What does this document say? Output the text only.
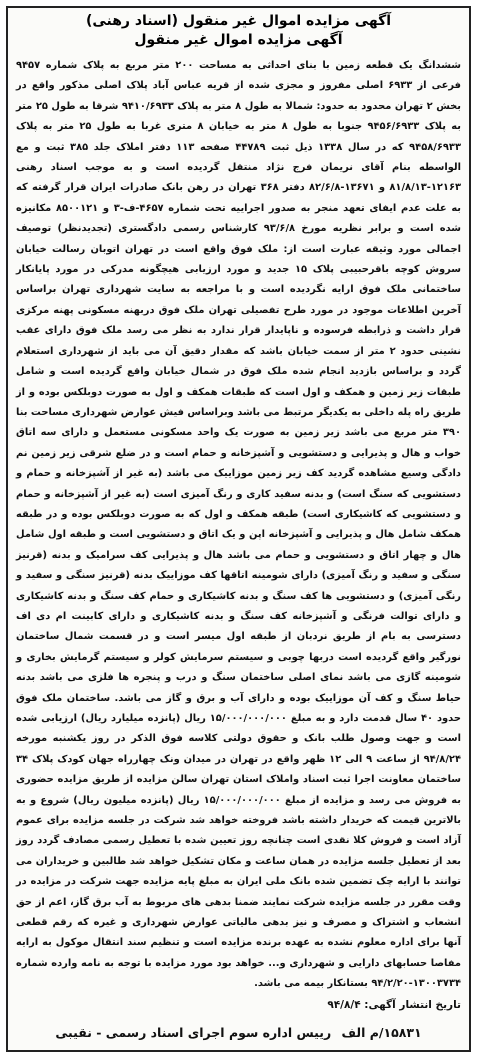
آگهی مزایده اموال غیر منقول (اسناد رهنی)
آگهی مزایده اموال غیر منقول

ششدانگ یک قطعه زمین با بنای احداثی به مساحت ۲۰۰ متر مربع به پلاک شماره ۹۴۵۷ فرعی از ۶۹۳۳ اصلی مفروز و مجزی شده از قریه عباس آباد پلاک اصلی مذکور واقع در بخش ۲ تهران محدود به حدود: شمالا به طول ۸ متر به پلاک ۹۴۱۰/۶۹۳۳ شرقا به طول ۲۵ متر به پلاک ۹۴۵۶/۶۹۳۳ جنوبا به طول ۸ متر به خیابان ۸ متری غربا به طول ۲۵ متر به پلاک ۹۴۵۸/۶۹۳۳ که در سال ۱۳۳۸ ذیل ثبت ۴۴۷۸۹ صفحه ۱۱۳ دفتر املاک جلد ۳۸۵ ثبت و مع الواسطه بنام آقای نریمان فرج نژاد منتقل گردیده است و به موجب اسناد رهنی ۱۲۱۶۳-۸۱/۸/۱۳ و ۱۳۶۷۱-۸۲/۶/۸ دفتر ۳۶۸ تهران در رهن بانک صادرات ایران قرار گرفته که به علت عدم ایفای تعهد منجر به صدور اجراییه تحت شماره ۴۶۵۷-ف-۳ و ۸۵۰۰۱۲۱ مکانیزه شده است و برابر نظریه مورخ ۹۳/۶/۸ کارشناس رسمی دادگستری (تجدیدنظر) توصیف اجمالی مورد وثیقه عبارت است از: ملک فوق واقع است در تهران اتوبان رسالت خیابان سروش کوچه باقرحبیبی پلاک ۱۵ جدید و مورد ارزیابی هیچگونه مدرکی در مورد پایانکار ساختمانی ملک فوق ارایه نگردیده است و با مراجعه به سایت شهرداری تهران براساس آخرین اطلاعات موجود در مورد طرح تفصیلی تهران ملک فوق دربهنه مسکونی پهنه مرکزی قرار داشت و ذرابطه فرسوده و ناپایدار قرار ندارد به نظر می رسد ملک فوق دارای عقب نشینی حدود ۲ متر از سمت خیابان باشد که مقدار دقیق آن می باید از شهرداری استعلام گردد و براساس بازدید انجام شده ملک فوق در شمال خیابان واقع گردیده است و شامل طبقات زیر زمین و همکف و اول است که طبقات همکف و اول به صورت دوبلکس بوده و از طریق راه پله داخلی به یکدیگر مرتبط می باشد وبراساس فیش عوارض شهرداری مساحت بنا ۳۹۰ متر مربع می باشد زیر زمین به صورت یک واحد مسکونی مستعمل و دارای سه اتاق خواب و هال و پذیرایی و دستشویی و آشپزخانه و حمام است و در ضلع شرقی زیر زمین نم دادگی وسیع مشاهده گردید کف زیر زمین موزاییک می باشد (به غیر از آشپزخانه و حمام و دستشویی که سنگ است) و بدنه سفید کاری و رنگ آمیزی است (به غیر از آشپزخانه و حمام و دستشویی که کاشیکاری است) طبقه همکف و اول که به صورت دوبلکس بوده و در طبقه همکف شامل هال و پذیرایی و آشپزخانه اپن و یک اتاق و دستشویی است و طبقه اول شامل هال و چهار اتاق و دستشویی و حمام می باشد هال و پذیرایی کف سرامیک و بدنه (قرنیز سنگی و سفید و رنگ آمیزی) دارای شومینه اتاقها کف موزاییک بدنه (قرنیز سنگی و سفید و رنگی آمیزی) و دستشویی ها کف سنگ و بدنه کاشیکاری و حمام کف سنگ و بدنه کاشیکاری و دارای توالت فرنگی و آشپزخانه کف سنگ و بدنه کاشیکاری و دارای کابینت ام دی اف دسترسی به بام از طریق نردبان از طبقه اول میسر است و در قسمت شمال ساختمان نورگیر واقع گردیده است دربها چوبی و سیستم سرمایش کولر و سیستم گرمایش بخاری و شومینه گازی می باشد نمای اصلی ساختمان سنگ و درب و پنجره ها فلزی می باشد بدنه حیاط سنگ و کف آن موزاییک بوده و دارای آب و برق و گاز می باشد. ساختمان ملک فوق حدود ۴۰ سال قدمت دارد و به مبلغ ۱۵/۰۰۰/۰۰۰/۰۰۰ ریال (پانزده میلیارد ریال) ارزیابی شده است و جهت وصول طلب بانک و حقوق دولتی کلاسه فوق الذکر در روز یکشنبه مورخه ۹۴/۸/۲۴ از ساعت ۹ الی ۱۲ ظهر واقع در تهران در میدان ونک چهارراه جهان کودک پلاک ۳۴ ساختمان معاونت اجرا ثبت اسناد واملاک استان تهران سالن مزایده از طریق مزایده حضوری به فروش می رسد و مزایده از مبلغ ۱۵/۰۰۰/۰۰۰/۰۰۰ ریال (پانزده میلیون ریال) شروع و به بالاترین قیمت که خریدار داشته باشد فروخته خواهد شد شرکت در جلسه مزایده برای عموم آزاد است و فروش کلا نقدی است چنانچه روز تعیین شده با تعطیل رسمی مصادف گردد روز بعد از تعطیل جلسه مزایده در همان ساعت و مکان تشکیل خواهد شد طالبین و خریداران می توانند با ارایه چک تضمین شده بانک ملی ایران به مبلغ پایه مزایده جهت شرکت در مزایده در وقت مقرر در جلسه مزایده شرکت نمایند ضمنا بدهی های مربوط به آب برق گاز، اعم از حق انشعاب و اشتراک و مصرف و نیز بدهی مالیاتی عوارض شهرداری و غیره که رقم قطعی آنها برای اداره معلوم نشده به عهده برنده مزایده است و تنظیم سند انتقال موکول به ارایه مفاصا حسابهای دارایی و شهرداری و... خواهد بود مورد مزایده با توجه به نامه وارده شماره ۱۳۰۰۳۷۳۴-۹۴/۲/۲۰ بستانکار بیمه می باشد.

تاریخ انتشار آگهی: ۹۴/۸/۴
۱۵۸۳۱/م الف رییس اداره سوم اجرای اسناد رسمی - نقیبی
